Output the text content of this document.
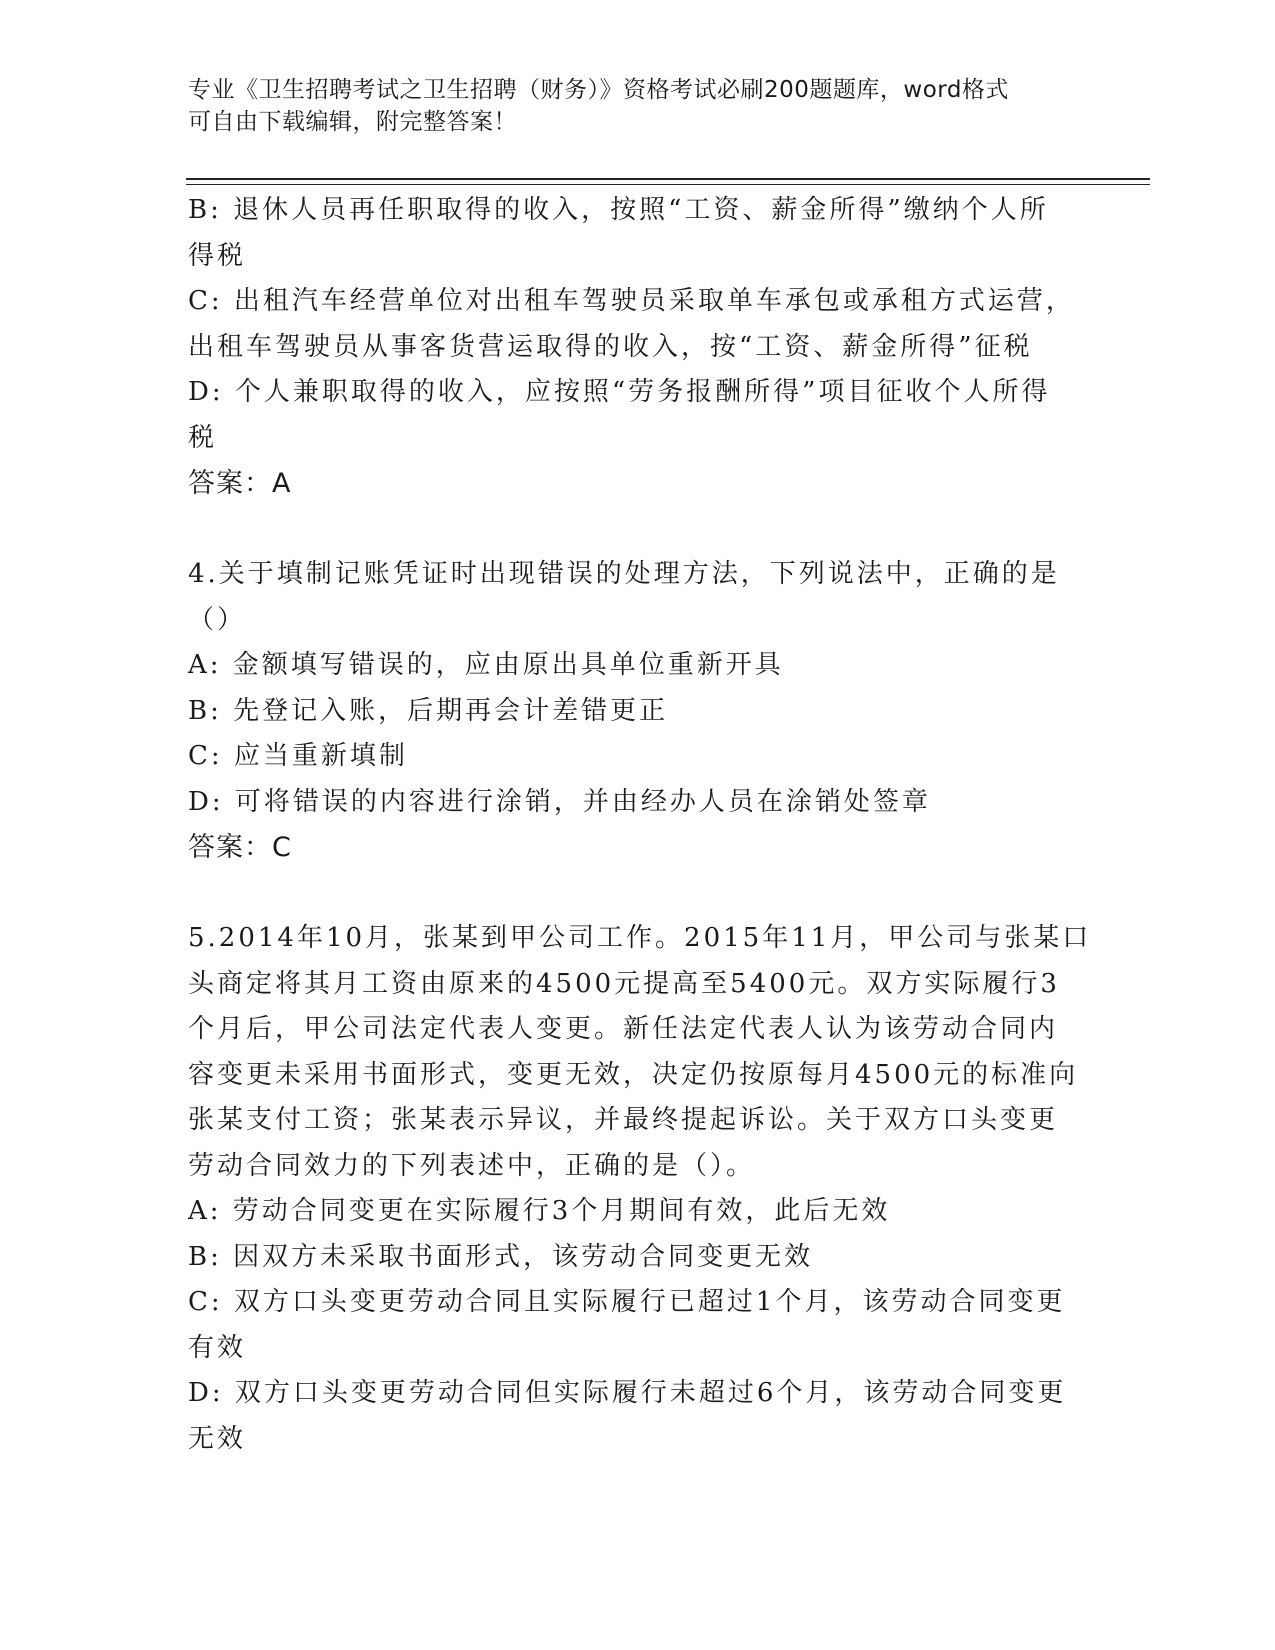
专业《卫生招聘考试之卫生招聘（财务）》资格考试必刷200题题库，word格式
可自由下载编辑，附完整答案！
B: 退休人员再任职取得的收入，按照“工资、薪金所得”缴纳个人所
得税
C: 出租汽车经营单位对出租车驾驶员采取单车承包或承租方式运营，
出租车驾驶员从事客货营运取得的收入，按“工资、薪金所得”征税
D: 个人兼职取得的收入，应按照“劳务报酬所得”项目征收个人所得
税
答案：A
4.关于填制记账凭证时出现错误的处理方法，下列说法中，正确的是
（）
A: 金额填写错误的，应由原出具单位重新开具
B: 先登记入账，后期再会计差错更正
C: 应当重新填制
D: 可将错误的内容进行涂销，并由经办人员在涂销处签章
答案：C
5.2014年10月，张某到甲公司工作。2015年11月，甲公司与张某口
头商定将其月工资由原来的4500元提高至5400元。双方实际履行3
个月后，甲公司法定代表人变更。新任法定代表人认为该劳动合同内
容变更未采用书面形式，变更无效，决定仍按原每月4500元的标准向
张某支付工资；张某表示异议，并最终提起诉讼。关于双方口头变更
劳动合同效力的下列表述中，正确的是（）。
A: 劳动合同变更在实际履行3个月期间有效，此后无效
B: 因双方未采取书面形式，该劳动合同变更无效
C: 双方口头变更劳动合同且实际履行已超过1个月，该劳动合同变更
有效
D: 双方口头变更劳动合同但实际履行未超过6个月，该劳动合同变更
无效
